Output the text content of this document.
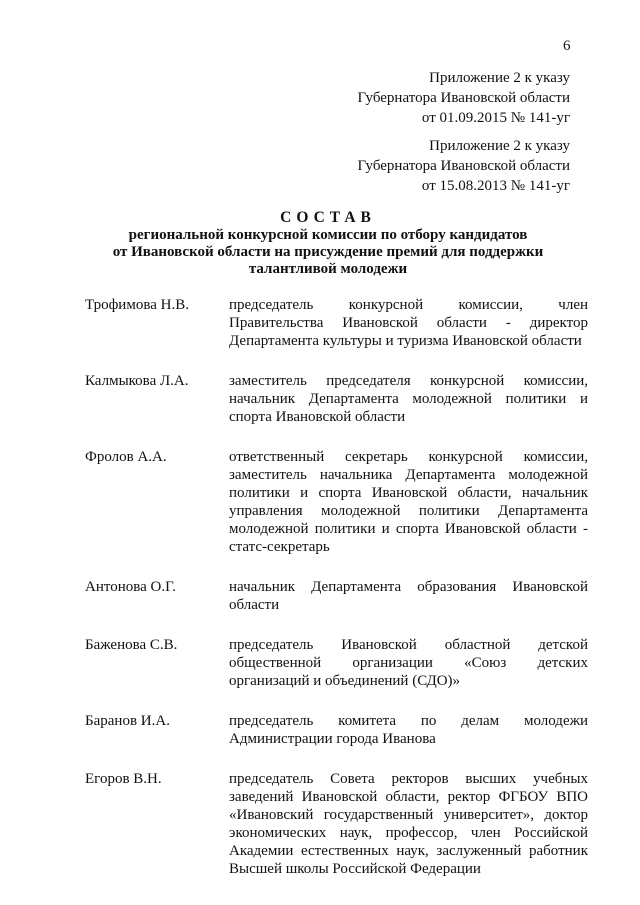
6
Приложение 2 к указу
Губернатора Ивановской области
от 01.09.2015 № 141-уг
Приложение 2 к указу
Губернатора Ивановской области
от 15.08.2013 № 141-уг
СОСТАВ
региональной конкурсной комиссии по отбору кандидатов
от Ивановской области на присуждение премий для поддержки
талантливой молодежи
Трофимова Н.В.	председатель конкурсной комиссии, член Правительства Ивановской области - директор Департамента культуры и туризма Ивановской области
Калмыкова Л.А.	заместитель председателя конкурсной комиссии, начальник Департамента молодежной политики и спорта Ивановской области
Фролов А.А.	ответственный секретарь конкурсной комиссии, заместитель начальника Департамента молодежной политики и спорта Ивановской области, начальник управления молодежной политики Департамента молодежной политики и спорта Ивановской области - статс-секретарь
Антонова О.Г.	начальник Департамента образования Ивановской области
Баженова С.В.	председатель Ивановской областной детской общественной организации «Союз детских организаций и объединений (СДО)»
Баранов И.А.	председатель комитета по делам молодежи Администрации города Иванова
Егоров В.Н.	председатель Совета ректоров высших учебных заведений Ивановской области, ректор ФГБОУ ВПО «Ивановский государственный университет», доктор экономических наук, профессор, член Российской Академии естественных наук, заслуженный работник Высшей школы Российской Федерации
